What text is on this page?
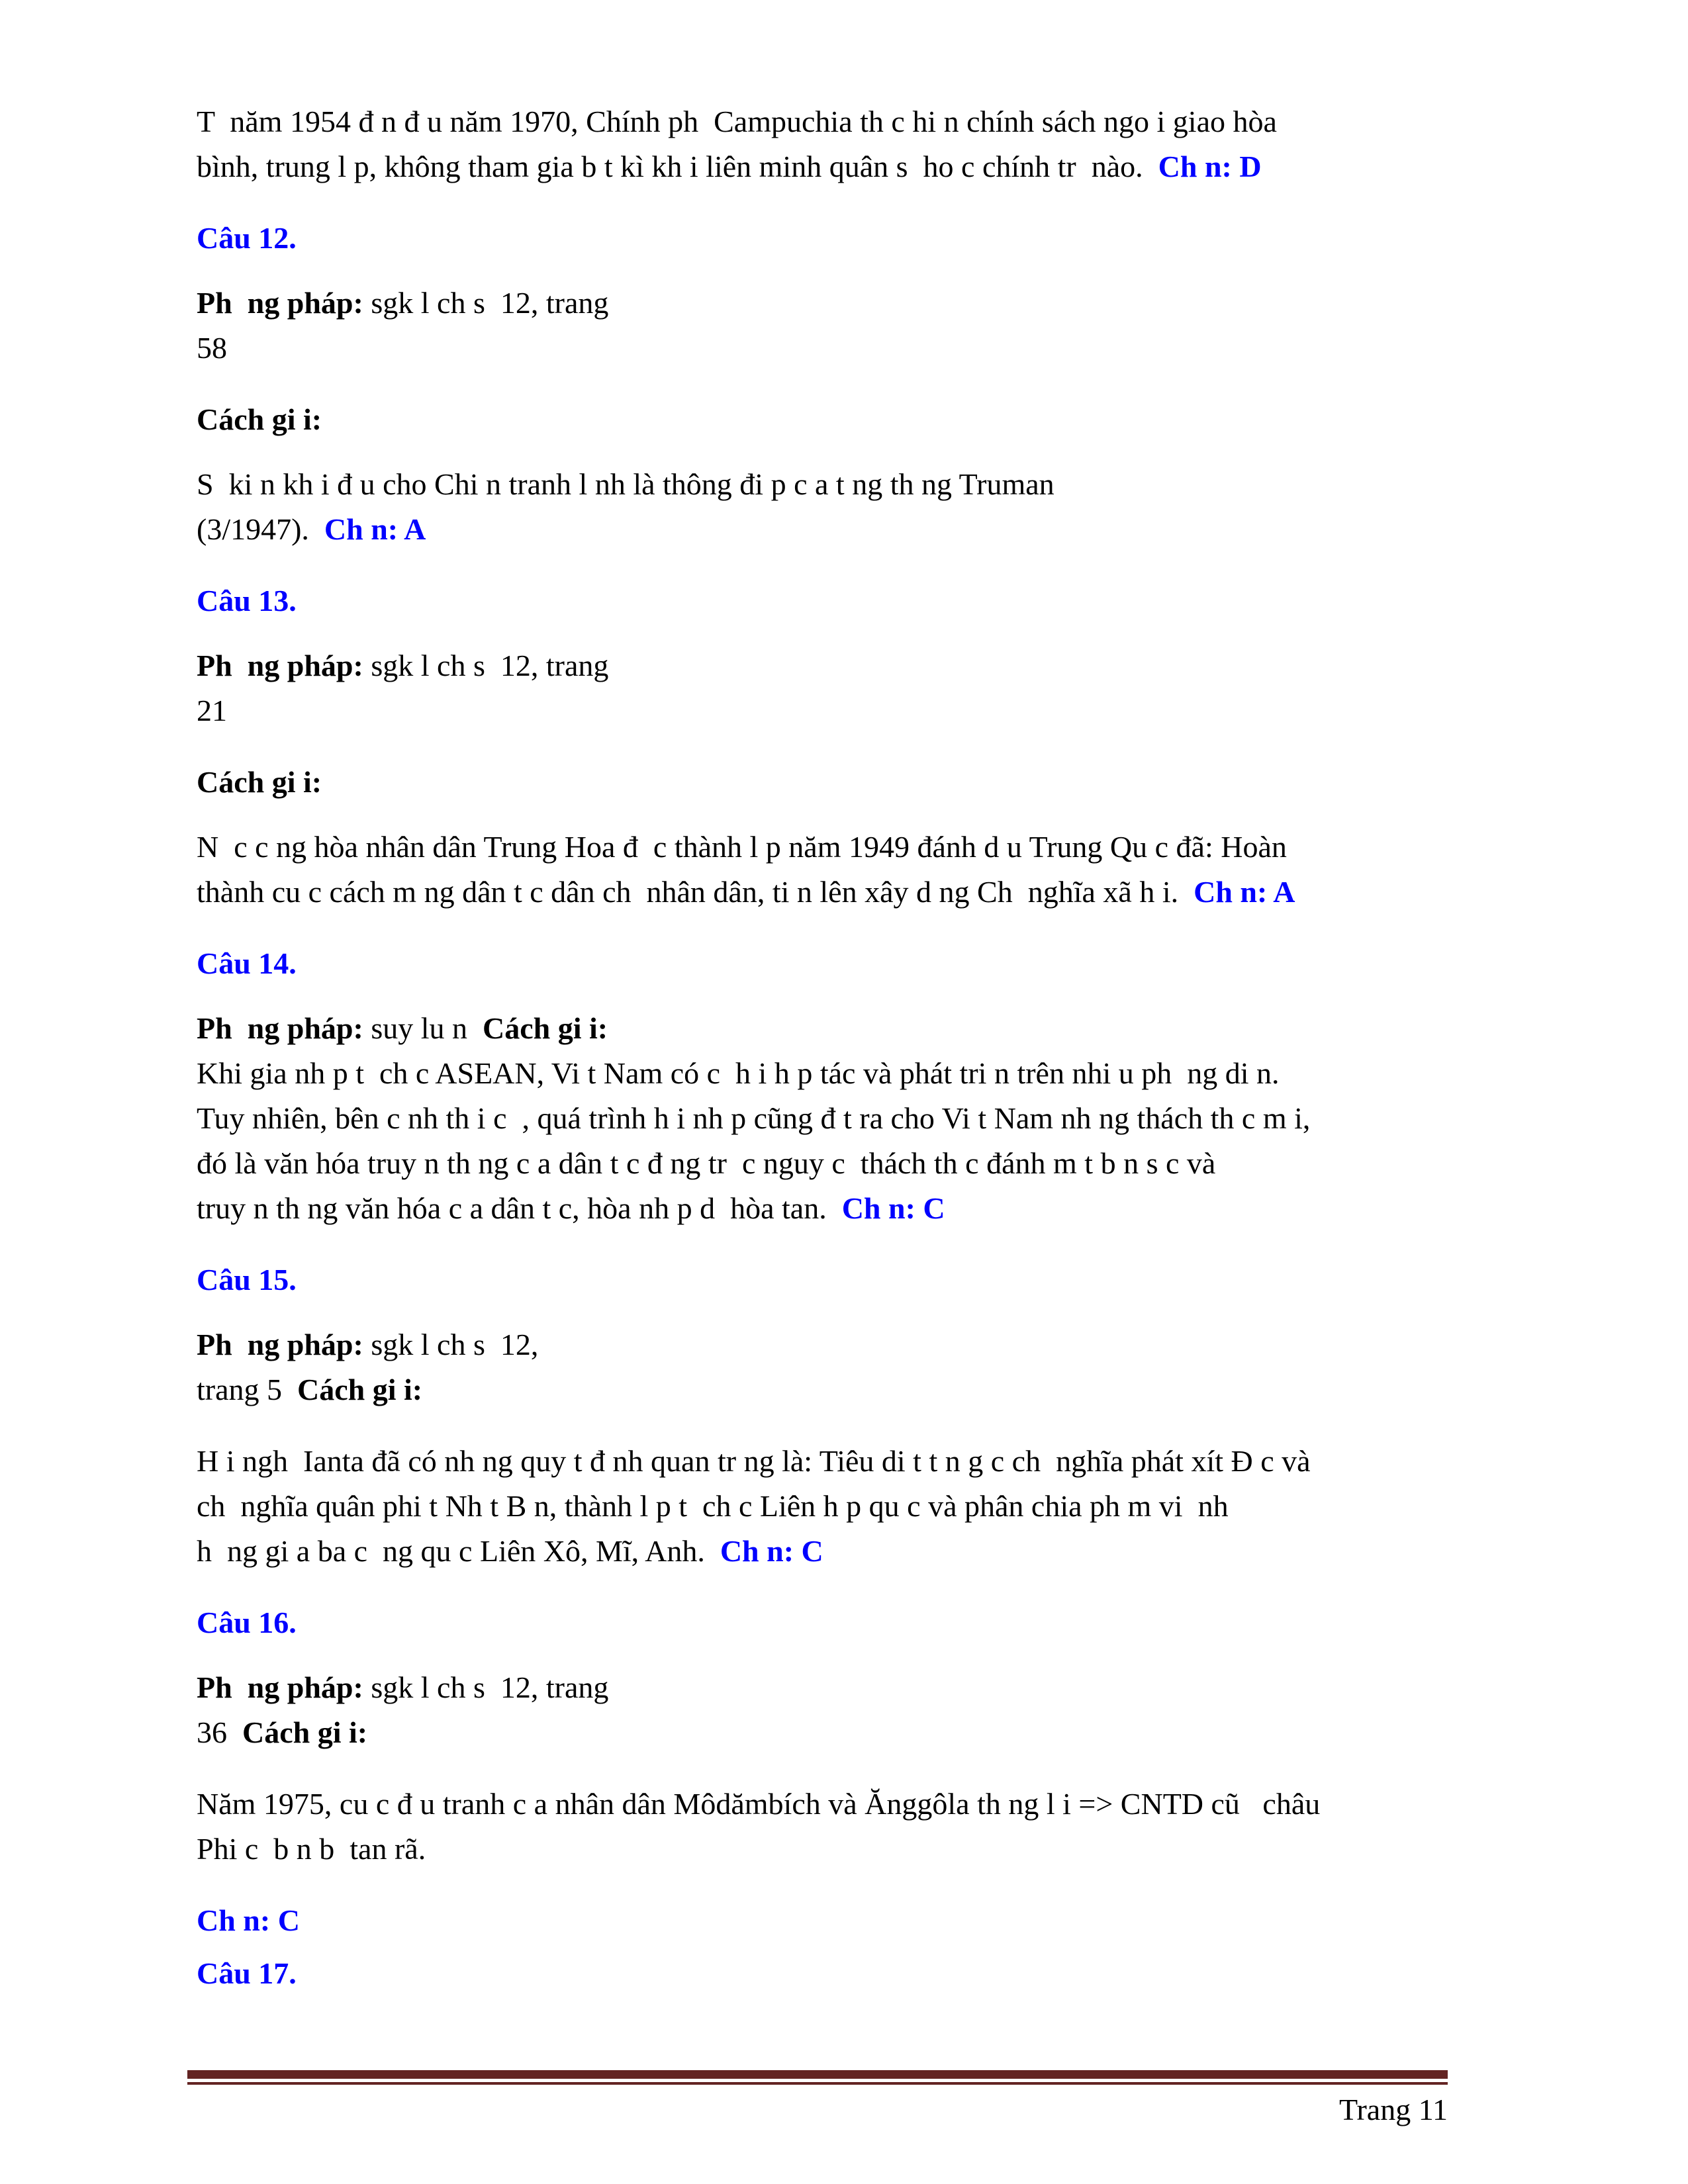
T  năm 1954 đ n đ u năm 1970, Chính ph  Campuchia th c hi n chính sách ngo i giao hòa
bình, trung l p, không tham gia b t kì kh i liên minh quân s  ho c chính tr  nào.  Ch n: D
Câu 12.
Ph  ng pháp: sgk l ch s  12, trang
58
Cách gi i:
S  ki n kh i đ u cho Chi n tranh l nh là thông đi p c a t ng th ng Truman
(3/1947).  Ch n: A
Câu 13.
Ph  ng pháp: sgk l ch s  12, trang
21
Cách gi i:
N  c c ng hòa nhân dân Trung Hoa đ  c thành l p năm 1949 đánh d u Trung Qu c đã: Hoàn
thành cu c cách m ng dân t c dân ch  nhân dân, ti n lên xây d ng Ch  nghĩa xã h i.  Ch n: A
Câu 14.
Ph  ng pháp: suy lu n  Cách gi i:
Khi gia nh p t  ch c ASEAN, Vi t Nam có c  h i h p tác và phát tri n trên nhi u ph  ng di n.
Tuy nhiên, bên c nh th i c  , quá trình h i nh p cũng đ t ra cho Vi t Nam nh ng thách th c m i,
đó là văn hóa truy n th ng c a dân t c đ ng tr  c nguy c  thách th c đánh m t b n s c và
truy n th ng văn hóa c a dân t c, hòa nh p d  hòa tan.  Ch n: C
Câu 15.
Ph  ng pháp: sgk l ch s  12,
trang 5  Cách gi i:
H i ngh  Ianta đã có nh ng quy t đ nh quan tr ng là: Tiêu di t t n g c ch  nghĩa phát xít Đ c và
ch  nghĩa quân phi t Nh t B n, thành l p t  ch c Liên h p qu c và phân chia ph m vi  nh
h  ng gi a ba c  ng qu c Liên Xô, Mĩ, Anh.  Ch n: C
Câu 16.
Ph  ng pháp: sgk l ch s  12, trang
36  Cách gi i:
Năm 1975, cu c đ u tranh c a nhân dân Môdămbích và Ănggôla th ng l i => CNTD cũ   châu
Phi c  b n b  tan rã.
Ch n: C
Câu 17.
Trang 11
